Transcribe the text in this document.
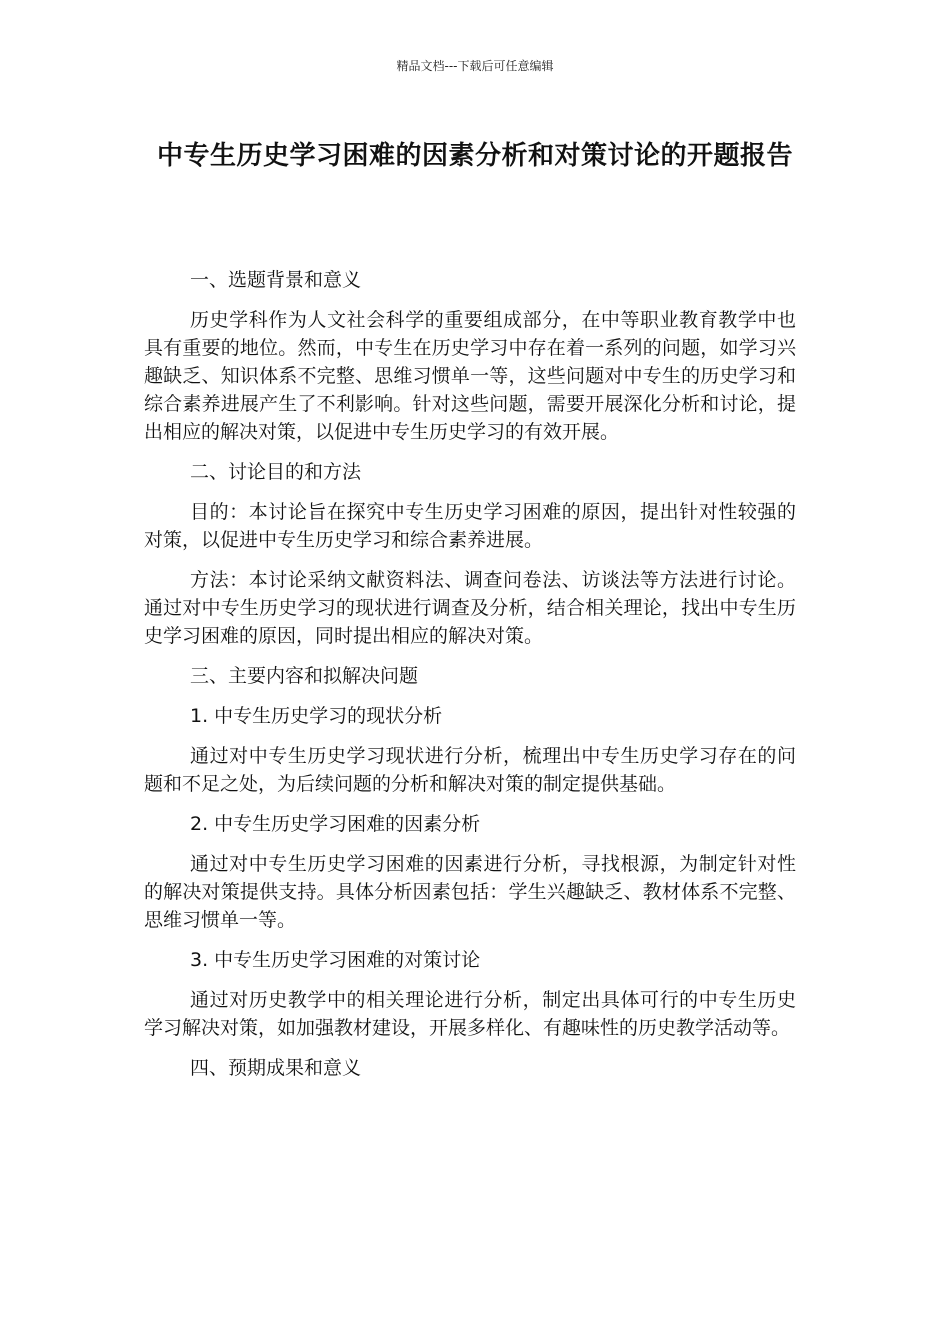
精品文档---下载后可任意编辑
中专生历史学习困难的因素分析和对策讨论的开题报告
一、选题背景和意义
历史学科作为人文社会科学的重要组成部分，在中等职业教育教学中也具有重要的地位。然而，中专生在历史学习中存在着一系列的问题，如学习兴趣缺乏、知识体系不完整、思维习惯单一等，这些问题对中专生的历史学习和综合素养进展产生了不利影响。针对这些问题，需要开展深化分析和讨论，提出相应的解决对策，以促进中专生历史学习的有效开展。
二、讨论目的和方法
目的：本讨论旨在探究中专生历史学习困难的原因，提出针对性较强的对策，以促进中专生历史学习和综合素养进展。
方法：本讨论采纳文献资料法、调查问卷法、访谈法等方法进行讨论。通过对中专生历史学习的现状进行调查及分析，结合相关理论，找出中专生历史学习困难的原因，同时提出相应的解决对策。
三、主要内容和拟解决问题
1. 中专生历史学习的现状分析
通过对中专生历史学习现状进行分析，梳理出中专生历史学习存在的问题和不足之处，为后续问题的分析和解决对策的制定提供基础。
2. 中专生历史学习困难的因素分析
通过对中专生历史学习困难的因素进行分析，寻找根源，为制定针对性的解决对策提供支持。具体分析因素包括：学生兴趣缺乏、教材体系不完整、思维习惯单一等。
3. 中专生历史学习困难的对策讨论
通过对历史教学中的相关理论进行分析，制定出具体可行的中专生历史学习解决对策，如加强教材建设，开展多样化、有趣味性的历史教学活动等。
四、预期成果和意义
